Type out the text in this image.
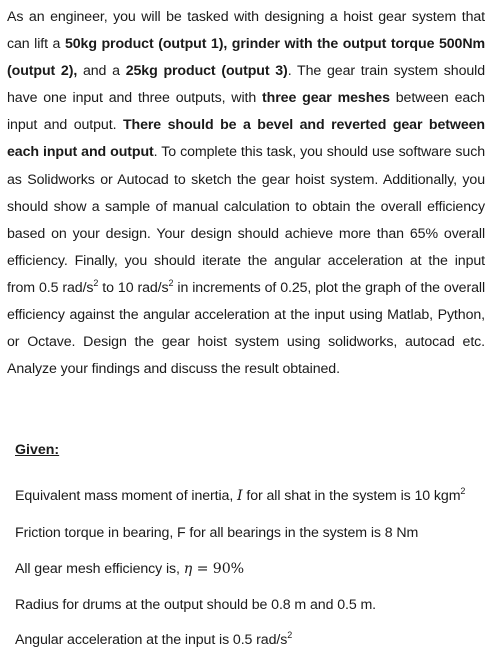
As an engineer, you will be tasked with designing a hoist gear system that can lift a 50kg product (output 1), grinder with the output torque 500Nm (output 2), and a 25kg product (output 3). The gear train system should have one input and three outputs, with three gear meshes between each input and output. There should be a bevel and reverted gear between each input and output. To complete this task, you should use software such as Solidworks or Autocad to sketch the gear hoist system. Additionally, you should show a sample of manual calculation to obtain the overall efficiency based on your design. Your design should achieve more than 65% overall efficiency. Finally, you should iterate the angular acceleration at the input from 0.5 rad/$s^2$ to 10 rad/$s^2$ in increments of 0.25, plot the graph of the overall efficiency against the angular acceleration at the input using Matlab, Python, or Octave. Design the gear hoist system using solidworks, autocad etc. Analyze your findings and discuss the result obtained.
Given:
Equivalent mass moment of inertia, I for all shat in the system is 10 kgm$^2$
Friction torque in bearing, F for all bearings in the system is 8 Nm
All gear mesh efficiency is, η = 90%
Radius for drums at the output should be 0.8 m and 0.5 m.
Angular acceleration at the input is 0.5 rad/$s^2$
